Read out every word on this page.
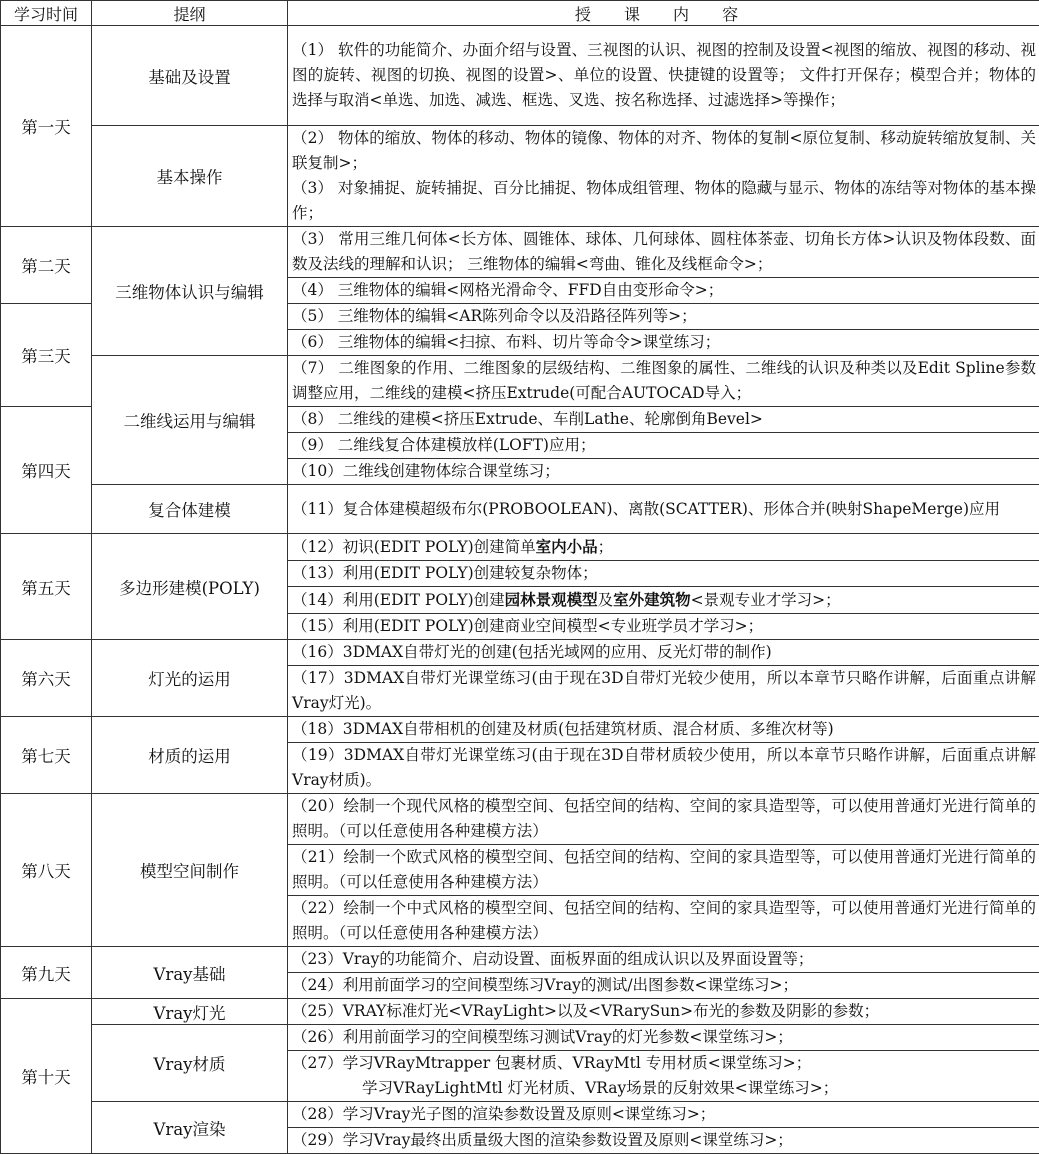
学习时间	提纲	授 课 内 容
第一天	基础及设置	（1） 软件的功能简介、办面介绍与设置、三视图的认识、视图的控制及设置<视图的缩放、视图的移动、视图的旋转、视图的切换、视图的设置>、单位的设置、快捷键的设置等； 文件打开保存；模型合并；物体的选择与取消<单选、加选、减选、框选、叉选、按名称选择、过滤选择>等操作；
	基本操作	（2） 物体的缩放、物体的移动、物体的镜像、物体的对齐、物体的复制<原位复制、移动旋转缩放复制、关联复制>；
（3） 对象捕捉、旋转捕捉、百分比捕捉、物体成组管理、物体的隐藏与显示、物体的冻结等对物体的基本操作；
第二天	三维物体认识与编辑	（3） 常用三维几何体<长方体、圆锥体、球体、几何球体、圆柱体茶壶、切角长方体>认识及物体段数、面数及法线的理解和认识； 三维物体的编辑<弯曲、锥化及线框命令>；
		（4） 三维物体的编辑<网格光滑命令、FFD自由变形命令>；
第三天		（5） 三维物体的编辑<AR陈列命令以及沿路径阵列等>；
		（6） 三维物体的编辑<扫掠、布料、切片等命令>课堂练习；
	二维线运用与编辑	（7） 二维图象的作用、二维图象的层级结构、二维图象的属性、二维线的认识及种类以及Edit Spline参数调整应用，二维线的建模<挤压Extrude(可配合AUTOCAD导入；
第四天		（8） 二维线的建模<挤压Extrude、车削Lathe、轮廓倒角Bevel>
		（9） 二维线复合体建模放样(LOFT)应用；
		（10）二维线创建物体综合课堂练习；
	复合体建模	（11）复合体建模超级布尔(PROBOOLEAN)、离散(SCATTER)、形体合并(映射ShapeMerge)应用
第五天	多边形建模(POLY)	（12）初识(EDIT POLY)创建简单室内小品；
		（13）利用(EDIT POLY)创建较复杂物体；
		（14）利用(EDIT POLY)创建园林景观模型及室外建筑物<景观专业才学习>；
		（15）利用(EDIT POLY)创建商业空间模型<专业班学员才学习>；
第六天	灯光的运用	（16）3DMAX自带灯光的创建(包括光域网的应用、反光灯带的制作)
		（17）3DMAX自带灯光课堂练习(由于现在3D自带灯光较少使用，所以本章节只略作讲解，后面重点讲解Vray灯光)。
第七天	材质的运用	（18）3DMAX自带相机的创建及材质(包括建筑材质、混合材质、多维次材等)
		（19）3DMAX自带灯光课堂练习(由于现在3D自带材质较少使用，所以本章节只略作讲解，后面重点讲解Vray材质)。
第八天	模型空间制作	（20）绘制一个现代风格的模型空间、包括空间的结构、空间的家具造型等，可以使用普通灯光进行简单的照明。（可以任意使用各种建模方法）
		（21）绘制一个欧式风格的模型空间、包括空间的结构、空间的家具造型等，可以使用普通灯光进行简单的照明。（可以任意使用各种建模方法）
		（22）绘制一个中式风格的模型空间、包括空间的结构、空间的家具造型等，可以使用普通灯光进行简单的照明。（可以任意使用各种建模方法）
第九天	Vray基础	（23）Vray的功能简介、启动设置、面板界面的组成认识以及界面设置等；
		（24）利用前面学习的空间模型练习Vray的测试/出图参数<课堂练习>；
第十天	Vray灯光	（25）VRAY标准灯光<VRayLight>以及<VRarySun>布光的参数及阴影的参数；
	Vray材质	（26）利用前面学习的空间模型练习测试Vray的灯光参数<课堂练习>；
		（27）学习VRayMtrapper 包裹材质、VRayMtl 专用材质<课堂练习>；
学习VRayLightMtl 灯光材质、VRay场景的反射效果<课堂练习>；

	Vray渲染	（28）学习Vray光子图的渲染参数设置及原则<课堂练习>；
		（29）学习Vray最终出质量级大图的渲染参数设置及原则<课堂练习>；
